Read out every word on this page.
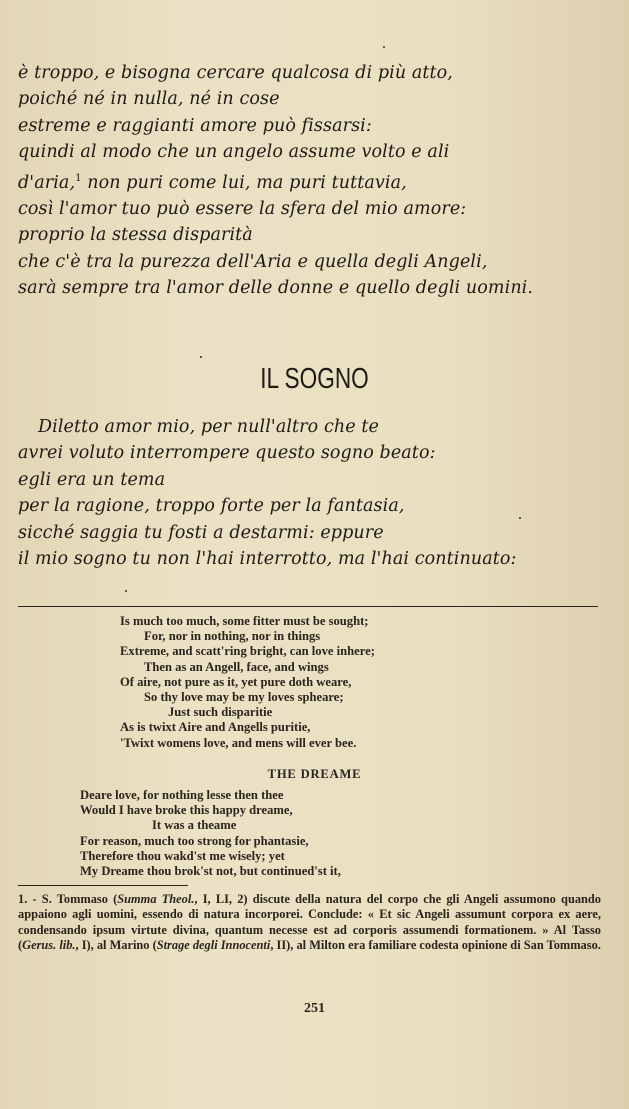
è troppo, e bisogna cercare qualcosa di più atto,
poiché né in nulla, né in cose
estreme e raggianti amore può fissarsi:
quindi al modo che un angelo assume volto e ali
d'aria,$^1$ non puri come lui, ma puri tuttavia,
così l'amor tuo può essere la sfera del mio amore:
proprio la stessa disparità
che c'è tra la purezza dell'Aria e quella degli Angeli,
sarà sempre tra l'amor delle donne e quello degli uomini.
IL SOGNO
Diletto amor mio, per null'altro che te
avrei voluto interrompere questo sogno beato:
egli era un tema
per la ragione, troppo forte per la fantasia,
sicché saggia tu fosti a destarmi: eppure
il mio sogno tu non l'hai interrotto, ma l'hai continuato:
Is much too much, some fitter must be sought;
For, nor in nothing, nor in things
Extreme, and scatt'ring bright, can love inhere;
Then as an Angell, face, and wings
Of aire, not pure as it, yet pure doth weare,
So thy love may be my loves spheare;
Just such disparitie
As is twixt Aire and Angells puritie,
'Twixt womens love, and mens will ever bee.
THE DREAME
Deare love, for nothing lesse then thee
Would I have broke this happy dreame,
It was a theame
For reason, much too strong for phantasie,
Therefore thou wakd'st me wisely; yet
My Dreame thou brok'st not, but continued'st it,
1. - S. Tommaso (Summa Theol., I, LI, 2) discute della natura del corpo che gli Angeli assumono quando appaiono agli uomini, essendo di natura incorporei. Conclude: « Et sic Angeli assumunt corpora ex aere, condensando ipsum virtute divina, quantum necesse est ad corporis assumendi formationem. » Al Tasso (Gerus. lib., I), al Marino (Strage degli Innocenti, II), al Milton era familiare codesta opinione di San Tommaso.
251
